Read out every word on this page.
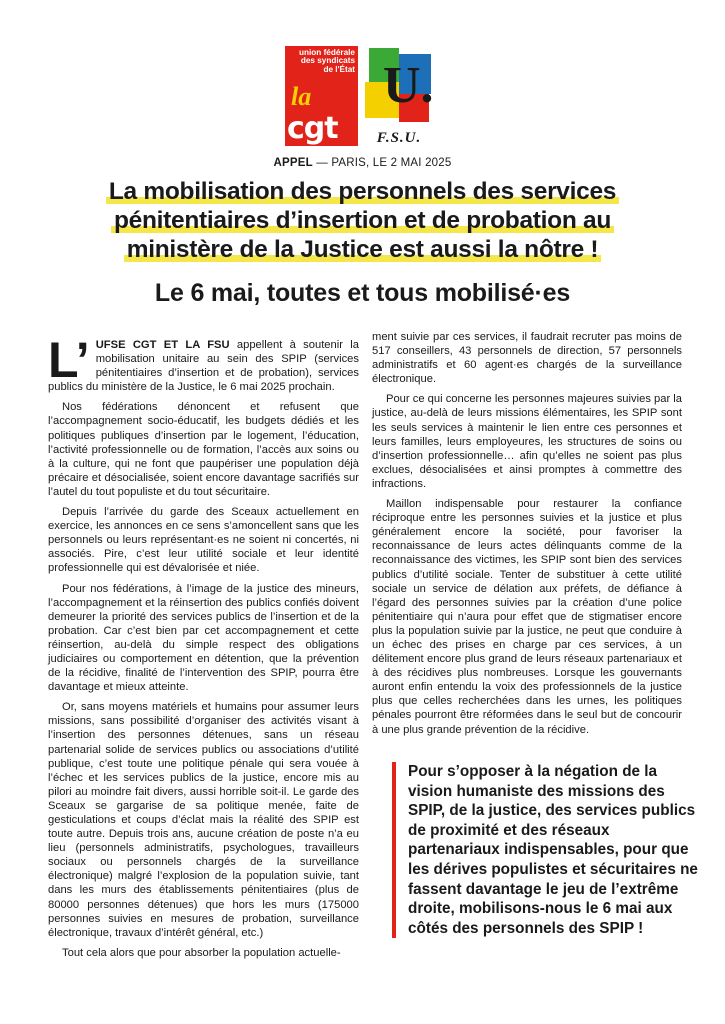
union fédérale
des syndicats
de l'État
la
cgt
U.
F.S.U.
APPEL — PARIS, LE 2 MAI 2025
La mobilisation des personnels des services
pénitentiaires d’insertion et de probation au
ministère de la Justice est aussi la nôtre !
Le 6 mai, toutes et tous mobilisé·es

L’ UFSE CGT ET LA FSU appellent à soutenir la mobilisation unitaire au sein des SPIP (services pénitentiaires d’insertion et de probation), services publics du ministère de la Justice, le 6 mai 2025 prochain.

Nos fédérations dénoncent et refusent que l’accompagnement socio-éducatif, les budgets dédiés et les politiques publiques d’insertion par le logement, l’éducation, l’activité professionnelle ou de formation, l’accès aux soins ou à la culture, qui ne font que paupériser une population déjà précaire et désocialisée, soient encore davantage sacrifiés sur l’autel du tout populiste et du tout sécuritaire.

Depuis l’arrivée du garde des Sceaux actuellement en exercice, les annonces en ce sens s’amoncellent sans que les personnels ou leurs représentant·es ne soient ni concertés, ni associés. Pire, c’est leur utilité sociale et leur identité professionnelle qui est dévalorisée et niée.

Pour nos fédérations, à l’image de la justice des mineurs, l’accompagnement et la réinsertion des publics confiés doivent demeurer la priorité des services publics de l’insertion et de la probation. Car c’est bien par cet accompagnement et cette réinsertion, au-delà du simple respect des obligations judiciaires ou comportement en détention, que la prévention de la récidive, finalité de l’intervention des SPIP, pourra être davantage et mieux atteinte.

Or, sans moyens matériels et humains pour assumer leurs missions, sans possibilité d’organiser des activités visant à l’insertion des personnes détenues, sans un réseau partenarial solide de services publics ou associations d’utilité publique, c’est toute une politique pénale qui sera vouée à l’échec et les services publics de la justice, encore mis au pilori au moindre fait divers, aussi horrible soit-il. Le garde des Sceaux se gargarise de sa politique menée, faite de gesticulations et coups d’éclat mais la réalité des SPIP est toute autre. Depuis trois ans, aucune création de poste n’a eu lieu (personnels administratifs, psychologues, travailleurs sociaux ou personnels chargés de la surveillance électronique) malgré l’explosion de la population suivie, tant dans les murs des établissements pénitentiaires (plus de 80000 personnes détenues) que hors les murs (175000 personnes suivies en mesures de probation, surveillance électronique, travaux d’intérêt général, etc.)

Tout cela alors que pour absorber la population actuelle-

ment suivie par ces services, il faudrait recruter pas moins de 517 conseillers, 43 personnels de direction, 57 personnels administratifs et 60 agent·es chargés de la surveillance électronique.

Pour ce qui concerne les personnes majeures suivies par la justice, au-delà de leurs missions élémentaires, les SPIP sont les seuls services à maintenir le lien entre ces personnes et leurs familles, leurs employeures, les structures de soins ou d’insertion professionnelle… afin qu’elles ne soient pas plus exclues, désocialisées et ainsi promptes à commettre des infractions.

Maillon indispensable pour restaurer la confiance réciproque entre les personnes suivies et la justice et plus généralement encore la société, pour favoriser la reconnaissance de leurs actes délinquants comme de la reconnaissance des victimes, les SPIP sont bien des services publics d’utilité sociale. Tenter de substituer à cette utilité sociale un service de délation aux préfets, de défiance à l’égard des personnes suivies par la création d’une police pénitentiaire qui n’aura pour effet que de stigmatiser encore plus la population suivie par la justice, ne peut que conduire à un échec des prises en charge par ces services, à un délitement encore plus grand de leurs réseaux partenariaux et à des récidives plus nombreuses. Lorsque les gouvernants auront enfin entendu la voix des professionnels de la justice plus que celles recherchées dans les urnes, les politiques pénales pourront être réformées dans le seul but de concourir à une plus grande prévention de la récidive.

Pour s’opposer à la négation de la vision humaniste des missions des SPIP, de la justice, des services publics de proximité et des réseaux partenariaux indispensables, pour que les dérives populistes et sécuritaires ne fassent davantage le jeu de l’extrême droite, mobilisons-nous le 6 mai aux côtés des personnels des SPIP !
